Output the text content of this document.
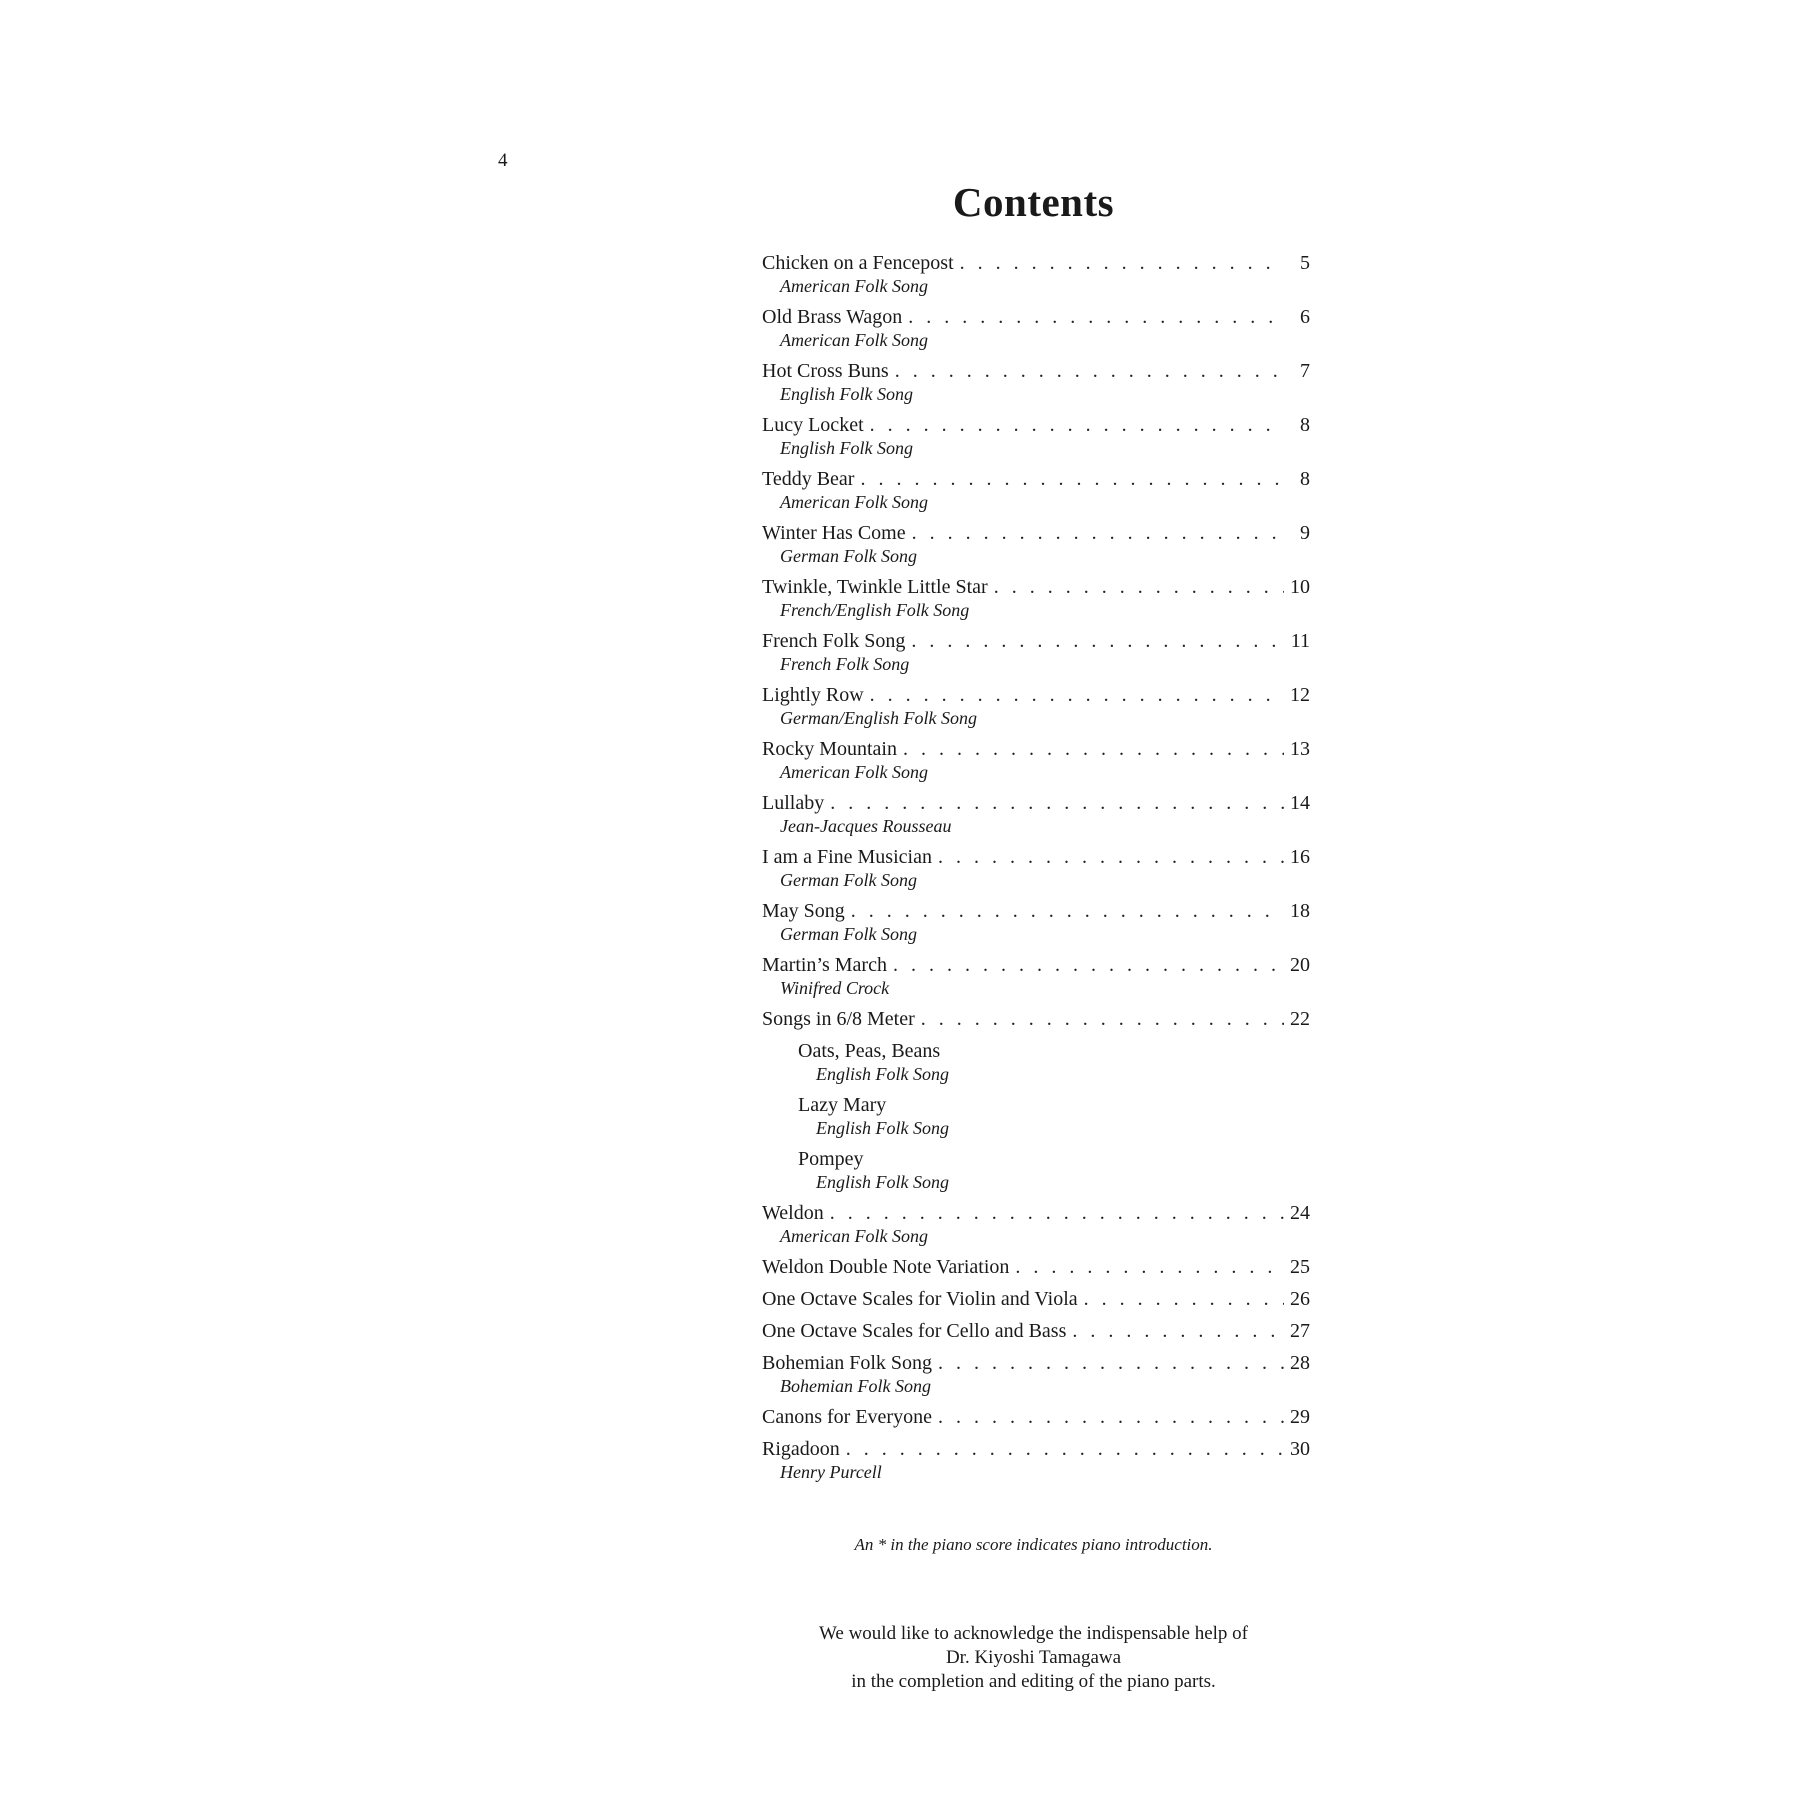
4
Contents
Chicken on a Fencepost . . .	5
American Folk Song
Old Brass Wagon . . .	6
American Folk Song
Hot Cross Buns . . .	7
English Folk Song
Lucy Locket . . .	8
English Folk Song
Teddy Bear . . .	8
American Folk Song
Winter Has Come . . .	9
German Folk Song
Twinkle, Twinkle Little Star . . .	10
French/English Folk Song
French Folk Song . . .	11
French Folk Song
Lightly Row . . .	12
German/English Folk Song
Rocky Mountain . . .	13
American Folk Song
Lullaby . . .	14
Jean-Jacques Rousseau
I am a Fine Musician . . .	16
German Folk Song
May Song . . .	18
German Folk Song
Martin’s March . . .	20
Winifred Crock
Songs in 6/8 Meter . . .	22
Oats, Peas, Beans
English Folk Song
Lazy Mary
English Folk Song
Pompey
English Folk Song
Weldon . . .	24
American Folk Song
Weldon Double Note Variation . . .	25
One Octave Scales for Violin and Viola . . .	26
One Octave Scales for Cello and Bass . . .	27
Bohemian Folk Song . . .	28
Bohemian Folk Song
Canons for Everyone . . .	29
Rigadoon . . .	30
Henry Purcell
An * in the piano score indicates piano introduction.
We would like to acknowledge the indispensable help of
Dr. Kiyoshi Tamagawa
in the completion and editing of the piano parts.
